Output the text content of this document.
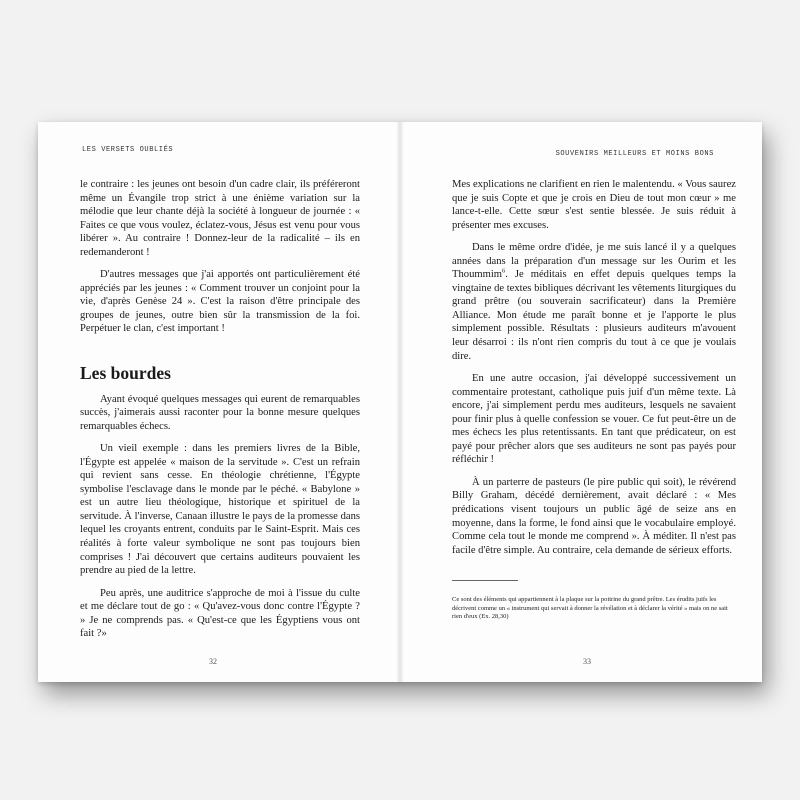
LES VERSETS OUBLIÉS

le contraire : les jeunes ont besoin d'un cadre clair, ils préféreront même un Évangile trop strict à une énième variation sur la mélodie que leur chante déjà la société à longueur de journée : « Faites ce que vous voulez, éclatez-vous, Jésus est venu pour vous libérer ». Au contraire ! Donnez-leur de la radicalité – ils en redemanderont !

D'autres messages que j'ai apportés ont particulièrement été appréciés par les jeunes : « Comment trouver un conjoint pour la vie, d'après Genèse 24 ». C'est la raison d'être principale des groupes de jeunes, outre bien sûr la transmission de la foi. Perpétuer le clan, c'est important !

Les bourdes

Ayant évoqué quelques messages qui eurent de remarquables succès, j'aimerais aussi raconter pour la bonne mesure quelques remarquables échecs.

Un vieil exemple : dans les premiers livres de la Bible, l'Égypte est appelée « maison de la servitude ». C'est un refrain qui revient sans cesse. En théologie chrétienne, l'Égypte symbolise l'esclavage dans le monde par le péché. « Babylone » est un autre lieu théologique, historique et spirituel de la servitude. À l'inverse, Canaan illustre le pays de la promesse dans lequel les croyants entrent, conduits par le Saint-Esprit. Mais ces réalités à forte valeur symbolique ne sont pas toujours bien comprises ! J'ai découvert que certains auditeurs pouvaient les prendre au pied de la lettre.

Peu après, une auditrice s'approche de moi à l'issue du culte et me déclare tout de go : « Qu'avez-vous donc contre l'Égypte ? » Je ne comprends pas. « Qu'est-ce que les Égyptiens vous ont fait ?»

32
SOUVENIRS MEILLEURS ET MOINS BONS

Mes explications ne clarifient en rien le malentendu. « Vous saurez que je suis Copte et que je crois en Dieu de tout mon cœur » me lance-t-elle. Cette sœur s'est sentie blessée. Je suis réduit à présenter mes excuses.

Dans le même ordre d'idée, je me suis lancé il y a quelques années dans la préparation d'un message sur les Ourim et les Thoummim$^6$. Je méditais en effet depuis quelques temps la vingtaine de textes bibliques décrivant les vêtements liturgiques du grand prêtre (ou souverain sacrificateur) dans la Première Alliance. Mon étude me paraît bonne et je l'apporte le plus simplement possible. Résultats : plusieurs auditeurs m'avouent leur désarroi : ils n'ont rien compris du tout à ce que je voulais dire.

En une autre occasion, j'ai développé successivement un commentaire protestant, catholique puis juif d'un même texte. Là encore, j'ai simplement perdu mes auditeurs, lesquels ne savaient pour finir plus à quelle confession se vouer. Ce fut peut-être un de mes échecs les plus retentissants. En tant que prédicateur, on est payé pour prêcher alors que ses auditeurs ne sont pas payés pour réfléchir !

À un parterre de pasteurs (le pire public qui soit), le révérend Billy Graham, décédé dernièrement, avait déclaré : « Mes prédications visent toujours un public âgé de seize ans en moyenne, dans la forme, le fond ainsi que le vocabulaire employé. Comme cela tout le monde me comprend ». À méditer. Il n'est pas facile d'être simple. Au contraire, cela demande de sérieux efforts.

Ce sont des éléments qui appartiennent à la plaque sur la poitrine du grand prêtre. Les érudits juifs les décrivent comme un « instrument qui servait à donner la révélation et à déclarer la vérité » mais on ne sait rien d'eux (Ex. 28,30)
33
